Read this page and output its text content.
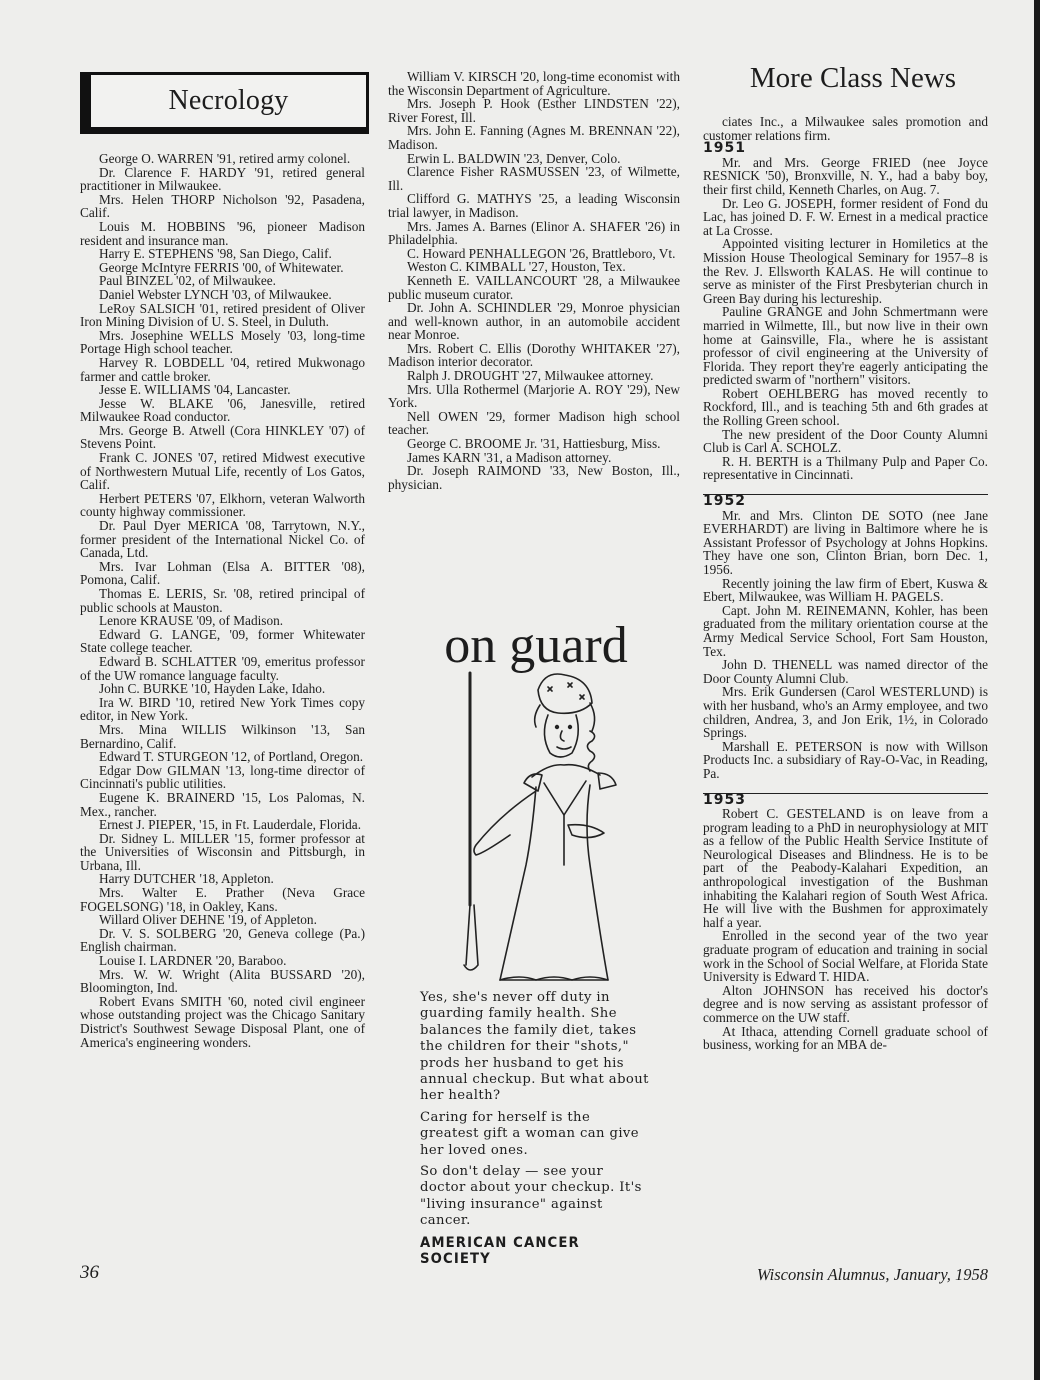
Necrology

George O. WARREN '91, retired army colonel.

Dr. Clarence F. HARDY '91, retired general practitioner in Milwaukee.

Mrs. Helen THORP Nicholson '92, Pasadena, Calif.

Louis M. HOBBINS '96, pioneer Madison resident and insurance man.

Harry E. STEPHENS '98, San Diego, Calif.

George McIntyre FERRIS '00, of Whitewater.

Paul BINZEL '02, of Milwaukee.

Daniel Webster LYNCH '03, of Milwaukee.

LeRoy SALSICH '01, retired president of Oliver Iron Mining Division of U. S. Steel, in Duluth.

Mrs. Josephine WELLS Mosely '03, long-time Portage High school teacher.

Harvey R. LOBDELL '04, retired Mukwonago farmer and cattle broker.

Jesse E. WILLIAMS '04, Lancaster.

Jesse W. BLAKE '06, Janesville, retired Milwaukee Road conductor.

Mrs. George B. Atwell (Cora HINKLEY '07) of Stevens Point.

Frank C. JONES '07, retired Midwest executive of Northwestern Mutual Life, recently of Los Gatos, Calif.

Herbert PETERS '07, Elkhorn, veteran Walworth county highway commissioner.

Dr. Paul Dyer MERICA '08, Tarrytown, N.Y., former president of the International Nickel Co. of Canada, Ltd.

Mrs. Ivar Lohman (Elsa A. BITTER '08), Pomona, Calif.

Thomas E. LERIS, Sr. '08, retired principal of public schools at Mauston.

Lenore KRAUSE '09, of Madison.

Edward G. LANGE, '09, former Whitewater State college teacher.

Edward B. SCHLATTER '09, emeritus professor of the UW romance language faculty.

John C. BURKE '10, Hayden Lake, Idaho.

Ira W. BIRD '10, retired New York Times copy editor, in New York.

Mrs. Mina WILLIS Wilkinson '13, San Bernardino, Calif.

Edward T. STURGEON '12, of Portland, Oregon.

Edgar Dow GILMAN '13, long-time director of Cincinnati's public utilities.

Eugene K. BRAINERD '15, Los Palomas, N. Mex., rancher.

Ernest J. PIEPER, '15, in Ft. Lauderdale, Florida.

Dr. Sidney L. MILLER '15, former professor at the Universities of Wisconsin and Pittsburgh, in Urbana, Ill.

Harry DUTCHER '18, Appleton.

Mrs. Walter E. Prather (Neva Grace FOGELSONG) '18, in Oakley, Kans.

Willard Oliver DEHNE '19, of Appleton.

Dr. V. S. SOLBERG '20, Geneva college (Pa.) English chairman.

Louise I. LARDNER '20, Baraboo.

Mrs. W. W. Wright (Alita BUSSARD '20), Bloomington, Ind.

Robert Evans SMITH '60, noted civil engineer whose outstanding project was the Chicago Sanitary District's Southwest Sewage Disposal Plant, one of America's engineering wonders.

William V. KIRSCH '20, long-time economist with the Wisconsin Department of Agriculture.

Mrs. Joseph P. Hook (Esther LINDSTEN '22), River Forest, Ill.

Mrs. John E. Fanning (Agnes M. BRENNAN '22), Madison.

Erwin L. BALDWIN '23, Denver, Colo.

Clarence Fisher RASMUSSEN '23, of Wilmette, Ill.

Clifford G. MATHYS '25, a leading Wisconsin trial lawyer, in Madison.

Mrs. James A. Barnes (Elinor A. SHAFER '26) in Philadelphia.

C. Howard PENHALLEGON '26, Brattleboro, Vt.

Weston C. KIMBALL '27, Houston, Tex.

Kenneth E. VAILLANCOURT '28, a Milwaukee public museum curator.

Dr. John A. SCHINDLER '29, Monroe physician and well-known author, in an automobile accident near Monroe.

Mrs. Robert C. Ellis (Dorothy WHITAKER '27), Madison interior decorator.

Ralph J. DROUGHT '27, Milwaukee attorney.

Mrs. Ulla Rothermel (Marjorie A. ROY '29), New York.

Nell OWEN '29, former Madison high school teacher.

George C. BROOME Jr. '31, Hattiesburg, Miss.

James KARN '31, a Madison attorney.

Dr. Joseph RAIMOND '33, New Boston, Ill., physician.

on guard

Yes, she's never off duty in guarding family health. She balances the family diet, takes the children for their "shots," prods her husband to get his annual checkup. But what about her health?

Caring for herself is the greatest gift a woman can give her loved ones.

So don't delay — see your doctor about your checkup. It's "living insurance" against cancer.

AMERICAN CANCER SOCIETY
More Class News

ciates Inc., a Milwaukee sales promotion and customer relations firm.

1951

Mr. and Mrs. George FRIED (nee Joyce RESNICK '50), Bronxville, N. Y., had a baby boy, their first child, Kenneth Charles, on Aug. 7.

Dr. Leo G. JOSEPH, former resident of Fond du Lac, has joined D. F. W. Ernest in a medical practice at La Crosse.

Appointed visiting lecturer in Homiletics at the Mission House Theological Seminary for 1957–8 is the Rev. J. Ellsworth KALAS. He will continue to serve as minister of the First Presbyterian church in Green Bay during his lectureship.

Pauline GRANGE and John Schmertmann were married in Wilmette, Ill., but now live in their own home at Gainsville, Fla., where he is assistant professor of civil engineering at the University of Florida. They report they're eagerly anticipating the predicted swarm of "northern" visitors.

Robert OEHLBERG has moved recently to Rockford, Ill., and is teaching 5th and 6th grades at the Rolling Green school.

The new president of the Door County Alumni Club is Carl A. SCHOLZ.

R. H. BERTH is a Thilmany Pulp and Paper Co. representative in Cincinnati.

1952

Mr. and Mrs. Clinton DE SOTO (nee Jane EVERHARDT) are living in Baltimore where he is Assistant Professor of Psychology at Johns Hopkins. They have one son, Clinton Brian, born Dec. 1, 1956.

Recently joining the law firm of Ebert, Kuswa & Ebert, Milwaukee, was William H. PAGELS.

Capt. John M. REINEMANN, Kohler, has been graduated from the military orientation course at the Army Medical Service School, Fort Sam Houston, Tex.

John D. THENELL was named director of the Door County Alumni Club.

Mrs. Erik Gundersen (Carol WESTERLUND) is with her husband, who's an Army employee, and two children, Andrea, 3, and Jon Erik, 1½, in Colorado Springs.

Marshall E. PETERSON is now with Willson Products Inc. a subsidiary of Ray-O-Vac, in Reading, Pa.

1953

Robert C. GESTELAND is on leave from a program leading to a PhD in neurophysiology at MIT as a fellow of the Public Health Service Institute of Neurological Diseases and Blindness. He is to be part of the Peabody-Kalahari Expedition, an anthropological investigation of the Bushman inhabiting the Kalahari region of South West Africa. He will live with the Bushmen for approximately half a year.

Enrolled in the second year of the two year graduate program of education and training in social work in the School of Social Welfare, at Florida State University is Edward T. HIDA.

Alton JOHNSON has received his doctor's degree and is now serving as assistant professor of commerce on the UW staff.

At Ithaca, attending Cornell graduate school of business, working for an MBA de-

36	Wisconsin Alumnus, January, 1958
